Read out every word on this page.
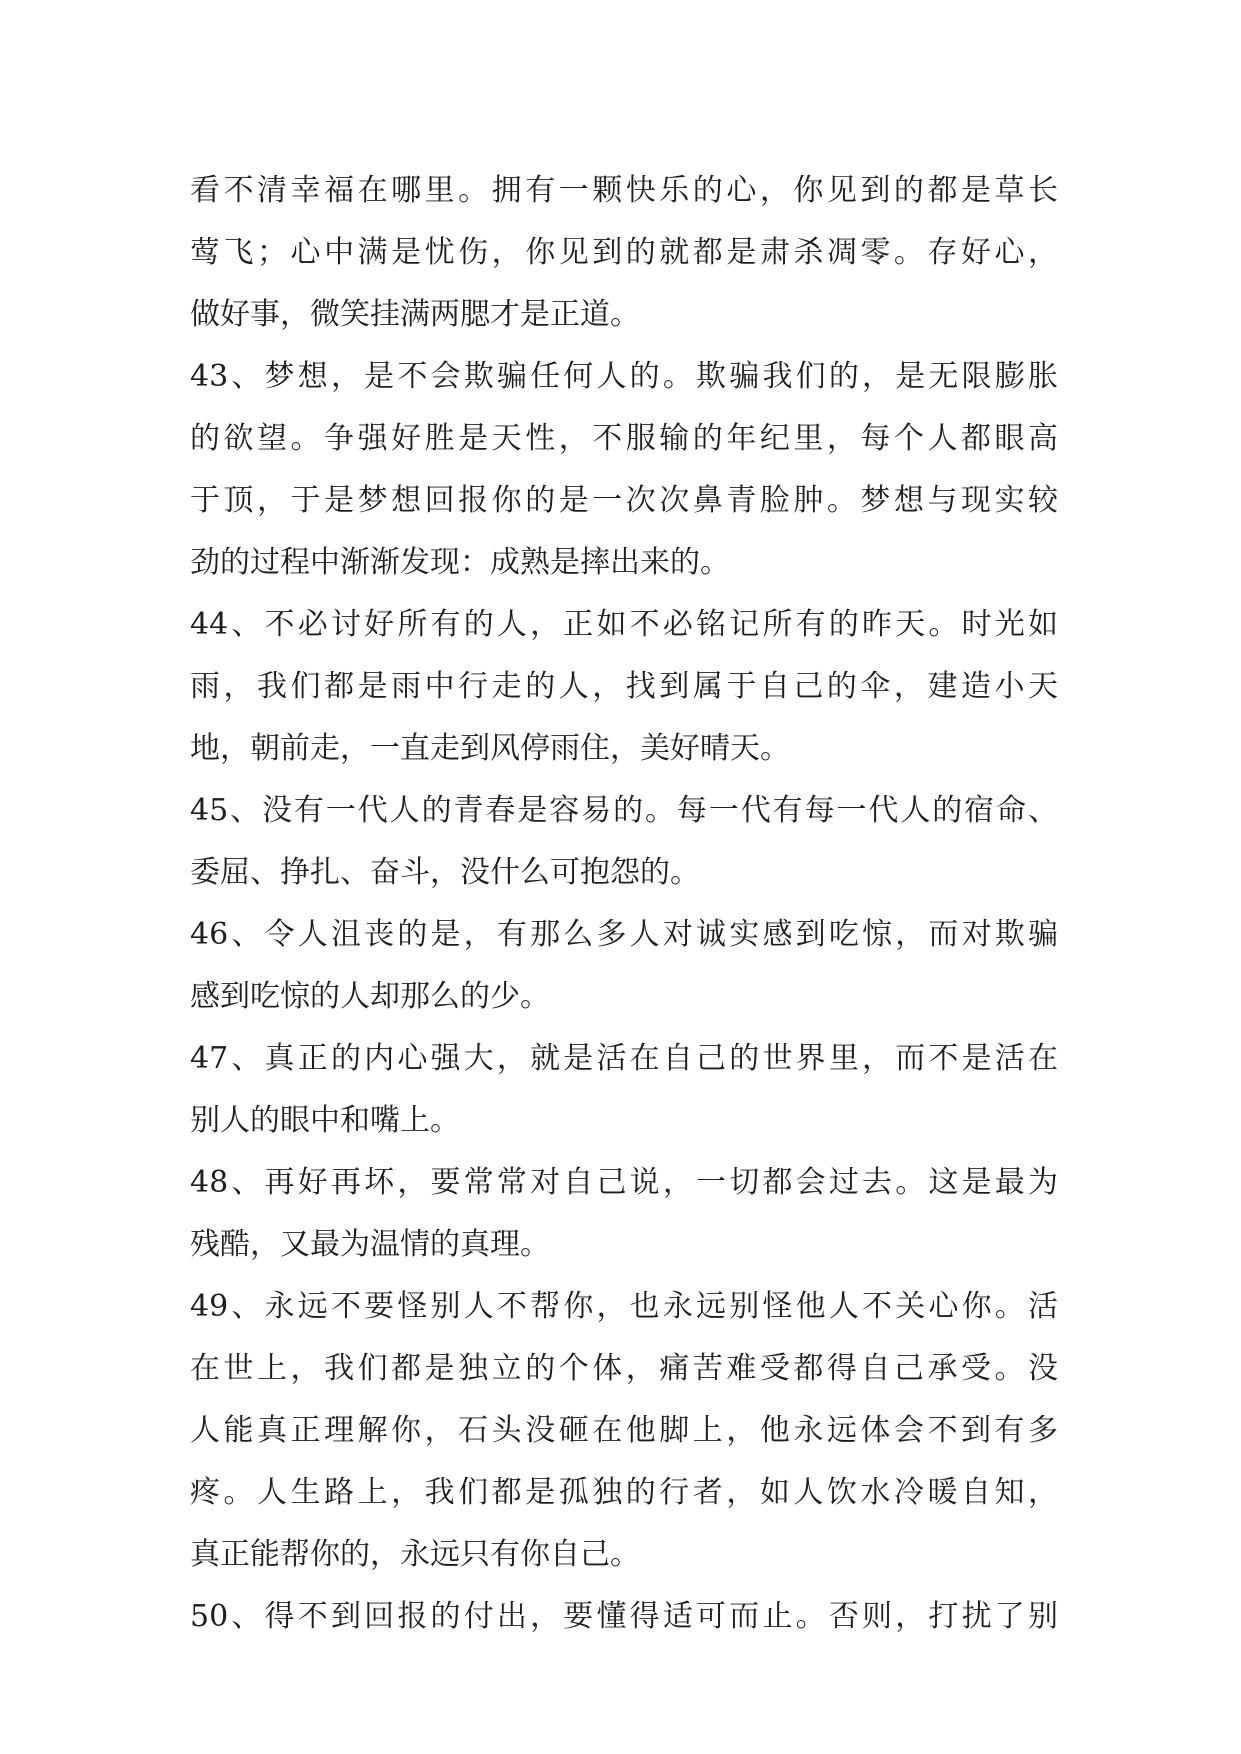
看不清幸福在哪里。拥有一颗快乐的心，你见到的都是草长
莺飞；心中满是忧伤，你见到的就都是肃杀凋零。存好心，
做好事，微笑挂满两腮才是正道。
43、梦想，是不会欺骗任何人的。欺骗我们的，是无限膨胀
的欲望。争强好胜是天性，不服输的年纪里，每个人都眼高
于顶，于是梦想回报你的是一次次鼻青脸肿。梦想与现实较
劲的过程中渐渐发现：成熟是摔出来的。
44、不必讨好所有的人，正如不必铭记所有的昨天。时光如
雨，我们都是雨中行走的人，找到属于自己的伞，建造小天
地，朝前走，一直走到风停雨住，美好晴天。
45、没有一代人的青春是容易的。每一代有每一代人的宿命、
委屈、挣扎、奋斗，没什么可抱怨的。
46、令人沮丧的是，有那么多人对诚实感到吃惊，而对欺骗
感到吃惊的人却那么的少。
47、真正的内心强大，就是活在自己的世界里，而不是活在
别人的眼中和嘴上。
48、再好再坏，要常常对自己说，一切都会过去。这是最为
残酷，又最为温情的真理。
49、永远不要怪别人不帮你，也永远别怪他人不关心你。活
在世上，我们都是独立的个体，痛苦难受都得自己承受。没
人能真正理解你，石头没砸在他脚上，他永远体会不到有多
疼。人生路上，我们都是孤独的行者，如人饮水冷暖自知，
真正能帮你的，永远只有你自己。
50、得不到回报的付出，要懂得适可而止。否则，打扰了别
